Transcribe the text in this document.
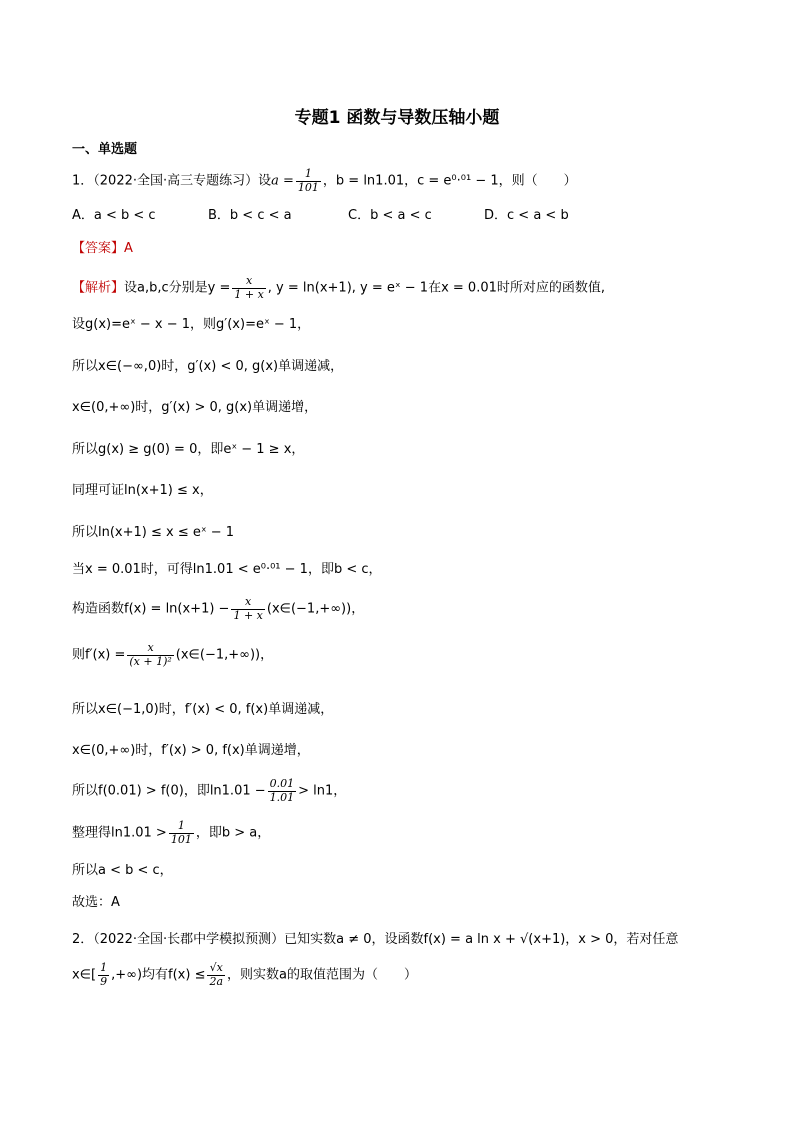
专题1 函数与导数压轴小题
一、单选题
1．（2022·全国·高三专题练习）设$a = \frac{1}{101}$ ，b = ln1.01，c = e⁰·⁰¹ − 1，则（　　）
A．a < b < c	B．b < c < a	C．b < a < c	D．c < a < b
【答案】A
【解析】设a,b,c分别是$y = \frac{x}{1 + x}$ , y = ln(x+1), y = eˣ − 1在x = 0.01时所对应的函数值,
设g(x)=eˣ − x − 1，则g′(x)=eˣ − 1，
所以x∈(−∞,0)时，g′(x) < 0, g(x)单调递减，
x∈(0,+∞)时，g′(x) > 0, g(x)单调递增，
所以g(x) ≥ g(0) = 0，即eˣ − 1 ≥ x，
同理可证ln(x+1) ≤ x，
所以ln(x+1) ≤ x ≤ eˣ − 1
当x = 0.01时，可得ln1.01 < e⁰·⁰¹ − 1，即b < c，
构造函数$f(x) = \ln(x+1) - \frac{x}{1 + x}$ (x∈(−1,+∞))，
则$f'(x) = \frac{x}{\text{(x + 1)²}}$ (x∈(−1,+∞))，
所以x∈(−1,0)时，f′(x) < 0, f(x)单调递减，
x∈(0,+∞)时，f′(x) > 0, f(x)单调递增，
所以f(0.01) > f(0)，即$\ln 1.01 - \frac{0.01}{1.01} > \ln 1$，
整理得$\ln 1.01 > \frac{1}{101}$ ，即b > a，
所以a < b < c，
故选：A
2．（2022·全国·长郡中学模拟预测）已知实数a ≠ 0，设函数f(x) = a ln x + √(x+1)，x > 0，若对任意
x∈[ $\frac{1}{9}$ ,+∞)均有$f(x) \le \frac{√x}{2a}$ ，则实数a的取值范围为（　　）
